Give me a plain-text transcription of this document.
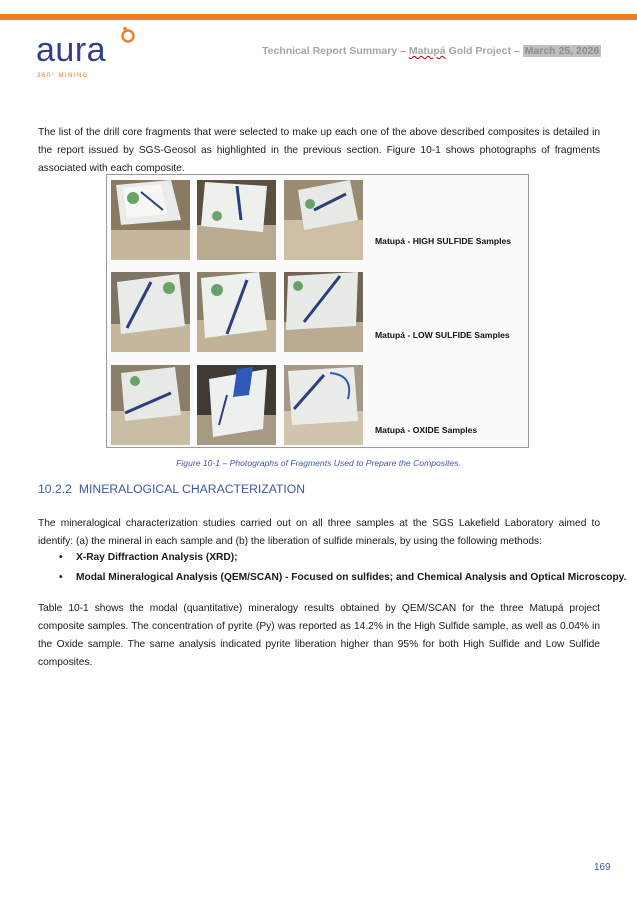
aura
360° MINING
Technical Report Summary – Matupá Gold Project – March 25, 2026

The list of the drill core fragments that were selected to make up each one of the above described composites is detailed in the report issued by SGS-Geosol as highlighted in the previous section. Figure 10-1 shows photographs of fragments associated with each composite.

Matupá - HIGH SULFIDE Samples
Matupá - LOW SULFIDE Samples
Matupá - OXIDE Samples
Figure 10-1 – Photographs of Fragments Used to Prepare the Composites.
10.2.2 MINERALOGICAL CHARACTERIZATION

The mineralogical characterization studies carried out on all three samples at the SGS Lakefield Laboratory aimed to identify: (a) the mineral in each sample and (b) the liberation of sulfide minerals, by using the following methods:

• X-Ray Diffraction Analysis (XRD);
• Modal Mineralogical Analysis (QEM/SCAN) - Focused on sulfides; and Chemical Analysis and Optical Microscopy.

Table 10-1 shows the modal (quantitative) mineralogy results obtained by QEM/SCAN for the three Matupá project composite samples. The concentration of pyrite (Py) was reported as 14.2% in the High Sulfide sample, as well as 0.04% in the Oxide sample. The same analysis indicated pyrite liberation higher than 95% for both High Sulfide and Low Sulfide composites.

169
